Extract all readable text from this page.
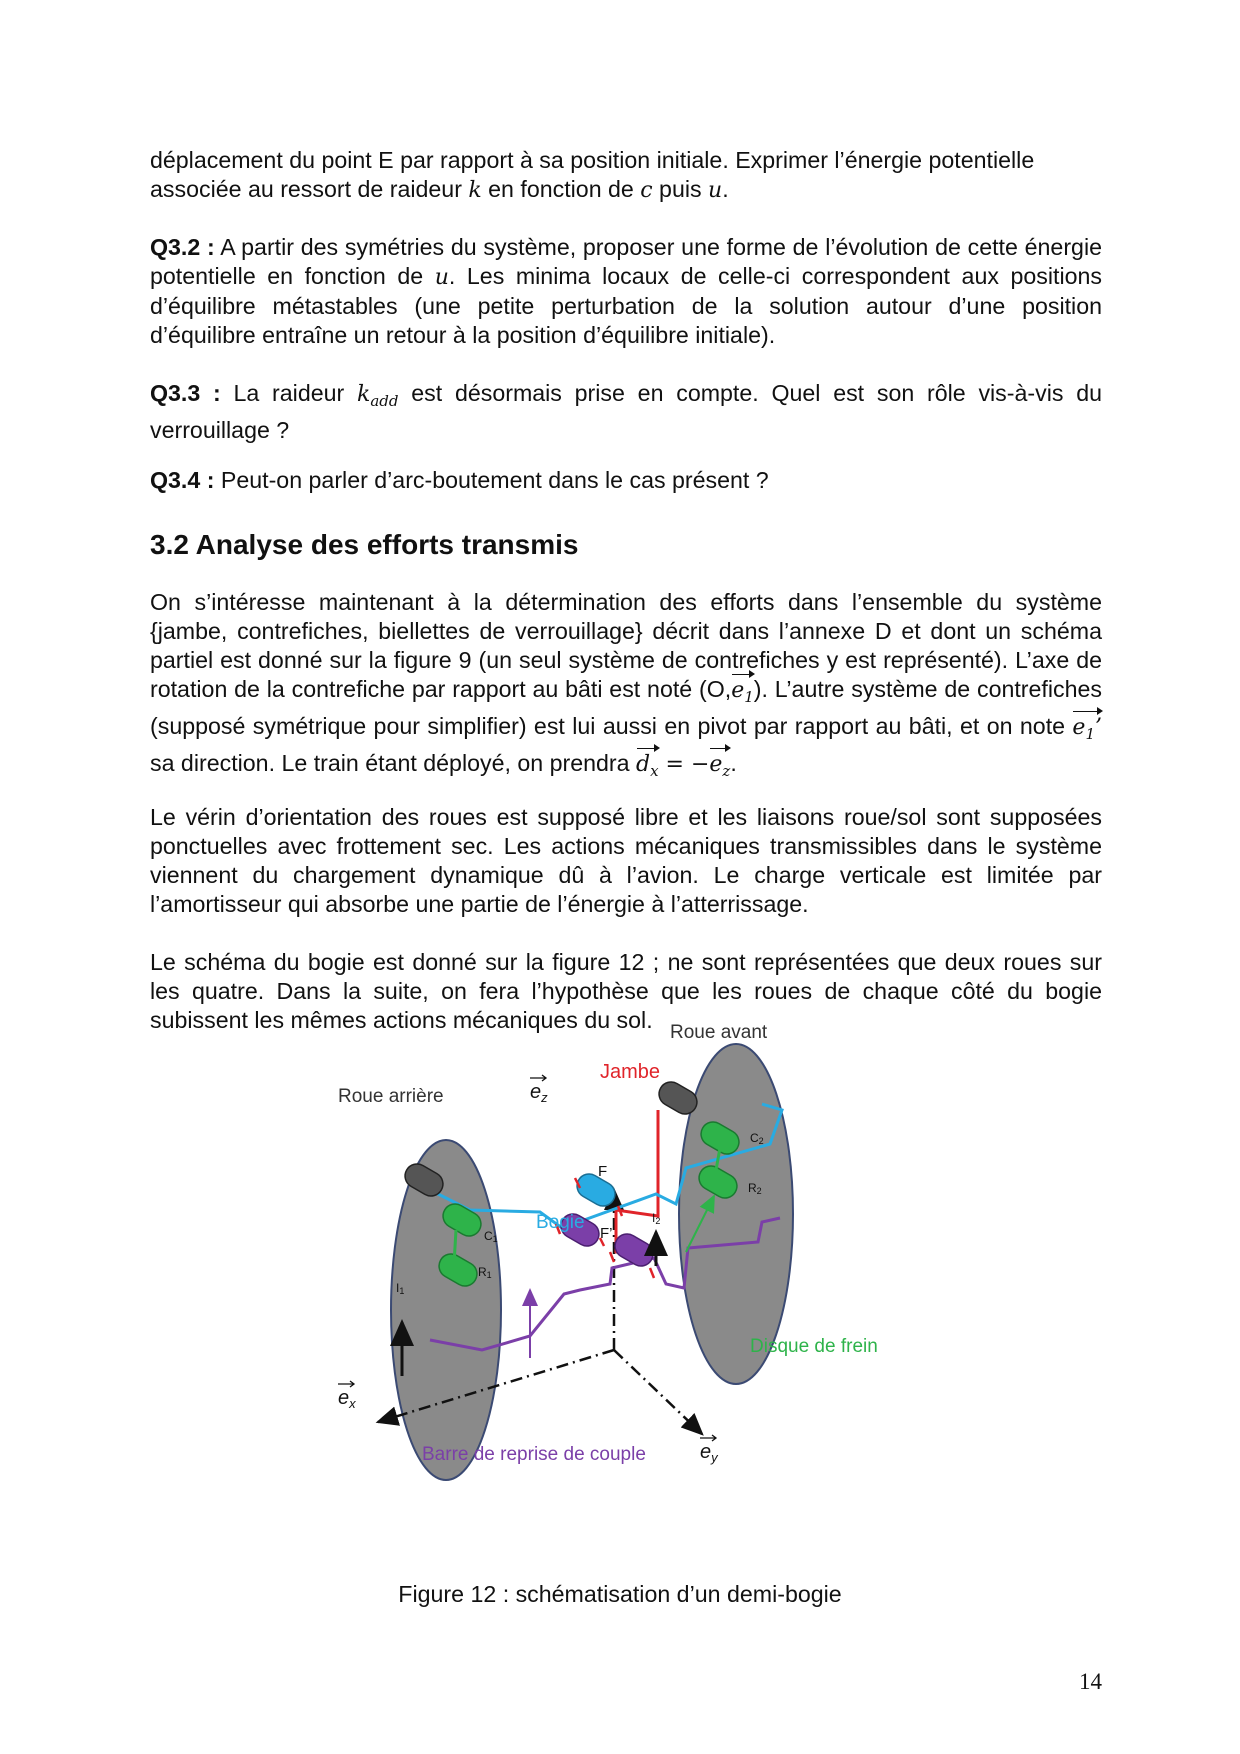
déplacement du point E par rapport à sa position initiale. Exprimer l’énergie potentielle
associée au ressort de raideur k en fonction de c puis u.

Q3.2 : A partir des symétries du système, proposer une forme de l’évolution de cette énergie potentielle en fonction de u. Les minima locaux de celle-ci correspondent aux positions d’équilibre métastables (une petite perturbation de la solution autour d’une position d’équilibre entraîne un retour à la position d’équilibre initiale).

Q3.3 : La raideur $k_{add}$ est désormais prise en compte. Quel est son rôle vis-à-vis du verrouillage ?

Q3.4 : Peut-on parler d’arc-boutement dans le cas présent ?

3.2 Analyse des efforts transmis

On s’intéresse maintenant à la détermination des efforts dans l’ensemble du système {jambe, contrefiches, biellettes de verrouillage} décrit dans l’annexe D et dont un schéma partiel est donné sur la figure 9 (un seul système de contrefiches y est représenté). L’axe de rotation de la contrefiche par rapport au bâti est noté $(O,e_1)$. L’autre système de contrefiches (supposé symétrique pour simplifier) est lui aussi en pivot par rapport au bâti, et on note $e_1$’ sa direction. Le train étant déployé, on prendra $d_x = -e_z$.

Le vérin d’orientation des roues est supposé libre et les liaisons roue/sol sont supposées ponctuelles avec frottement sec. Les actions mécaniques transmissibles dans le système viennent du chargement dynamique dû à l’avion. Le charge verticale est limitée par l’amortisseur qui absorbe une partie de l’énergie à l’atterrissage.

Le schéma du bogie est donné sur la figure 12 ; ne sont représentées que deux roues sur les quatre. Dans la suite, on fera l’hypothèse que les roues de chaque côté du bogie subissent les mêmes actions mécaniques du sol. Roue avant
Roue arrière
Jambe
Bogie
Disque de frein
Barre de reprise de couple
$e_z$
$e_x$
$e_y$
F
F’
C1
C2
R1
R2
I1
I2
Figure 12 : schématisation d’un demi-bogie
14
